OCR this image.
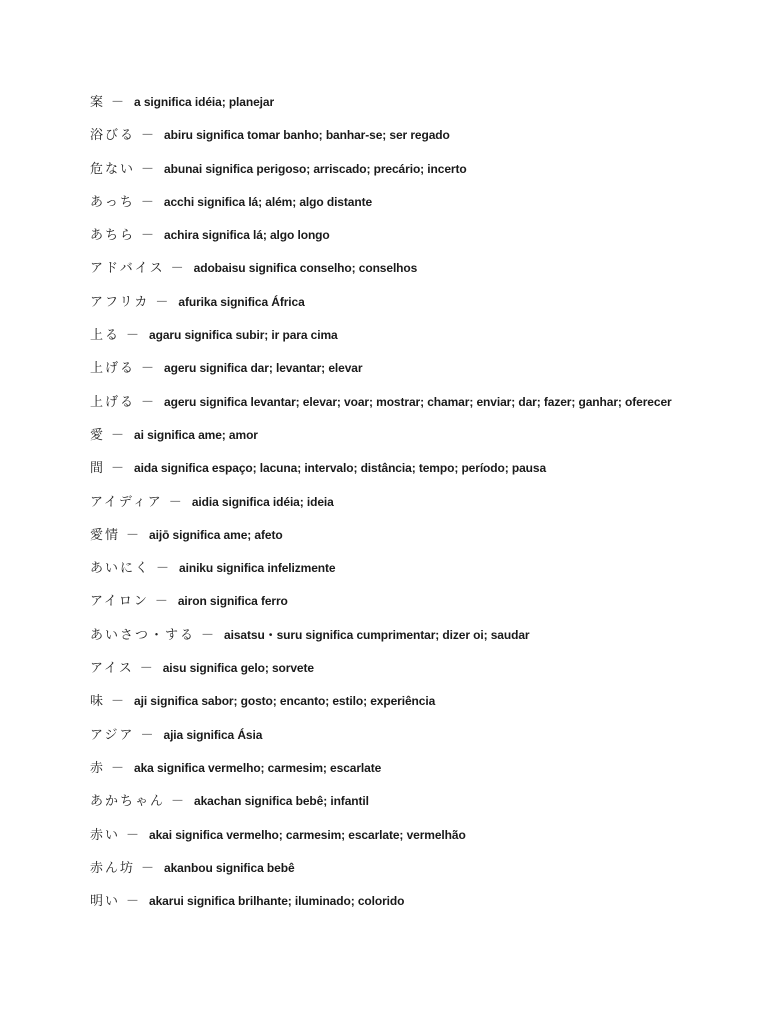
案 － a significa idéia; planejar
浴びる － abiru significa tomar banho; banhar-se; ser regado
危ない － abunai significa perigoso; arriscado; precário; incerto
あっち － acchi significa lá; além; algo distante
あちら － achira significa lá; algo longo
アドバイス － adobaisu significa conselho; conselhos
アフリカ － afurika significa África
上る － agaru significa subir; ir para cima
上げる － ageru significa dar; levantar; elevar
上げる － ageru significa levantar; elevar; voar; mostrar; chamar; enviar; dar; fazer; ganhar; oferecer
愛 － ai significa ame; amor
間 － aida significa espaço; lacuna; intervalo; distância; tempo; período; pausa
アイディア － aidia significa idéia; ideia
愛情 － aijō significa ame; afeto
あいにく － ainiku significa infelizmente
アイロン － airon significa ferro
あいさつ・する － aisatsu・suru significa cumprimentar; dizer oi; saudar
アイス － aisu significa gelo; sorvete
味 － aji significa sabor; gosto; encanto; estilo; experiência
アジア － ajia significa Ásia
赤 － aka significa vermelho; carmesim; escarlate
あかちゃん － akachan significa bebê; infantil
赤い － akai significa vermelho; carmesim; escarlate; vermelhão
赤ん坊 － akanbou significa bebê
明い － akarui significa brilhante; iluminado; colorido
